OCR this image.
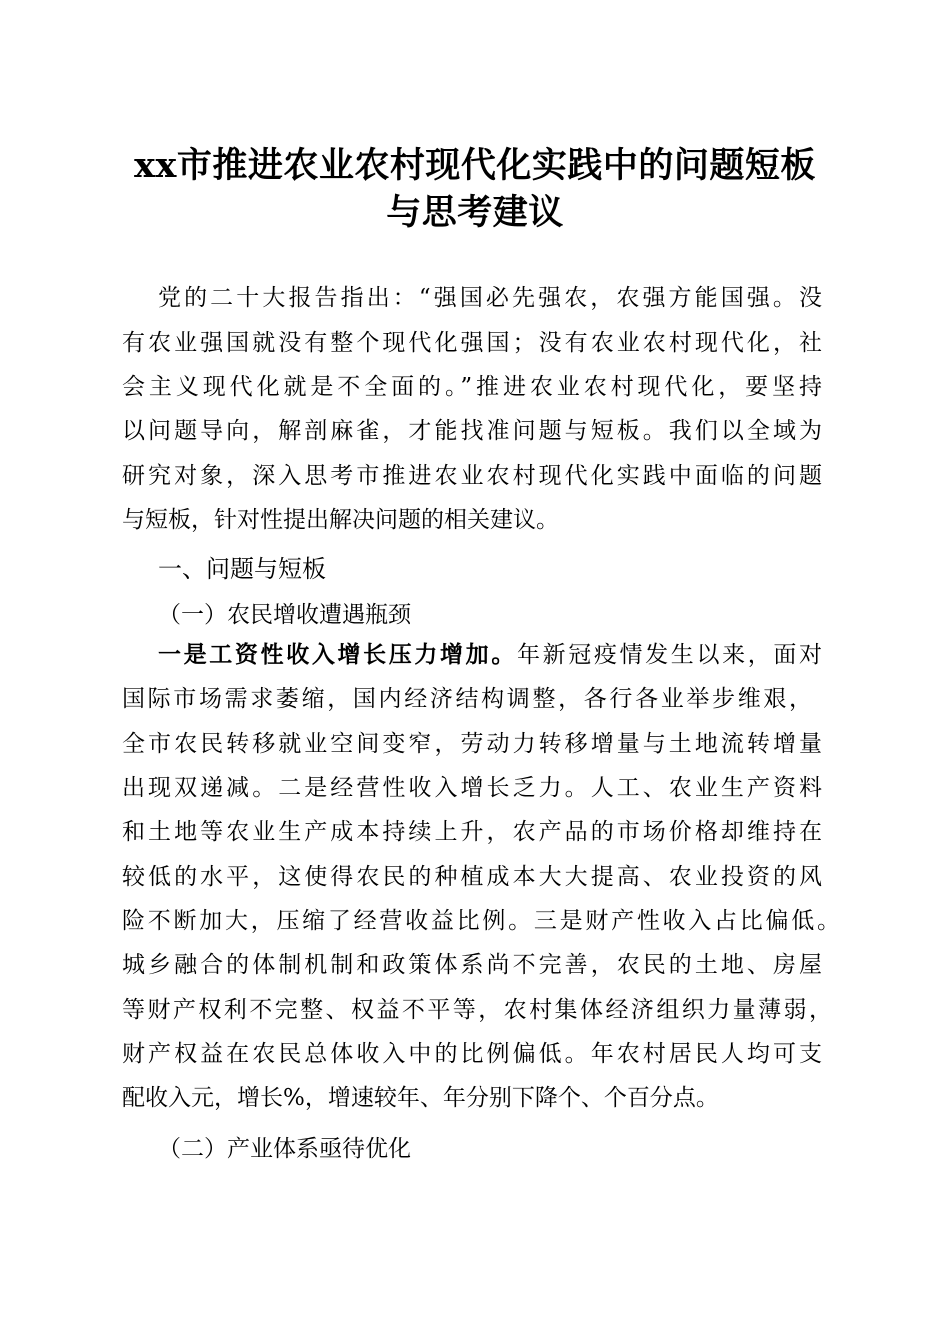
xx市推进农业农村现代化实践中的问题短板
与思考建议
党的二十大报告指出：“强国必先强农，农强方能国强。没
有农业强国就没有整个现代化强国；没有农业农村现代化，社
会主义现代化就是不全面的。”推进农业农村现代化，要坚持
以问题导向，解剖麻雀，才能找准问题与短板。我们以全域为
研究对象，深入思考市推进农业农村现代化实践中面临的问题
与短板，针对性提出解决问题的相关建议。
一、问题与短板
（一）农民增收遭遇瓶颈
一是工资性收入增长压力增加。年新冠疫情发生以来，面对
国际市场需求萎缩，国内经济结构调整，各行各业举步维艰，
全市农民转移就业空间变窄，劳动力转移增量与土地流转增量
出现双递减。二是经营性收入增长乏力。人工、农业生产资料
和土地等农业生产成本持续上升，农产品的市场价格却维持在
较低的水平，这使得农民的种植成本大大提高、农业投资的风
险不断加大，压缩了经营收益比例。三是财产性收入占比偏低。
城乡融合的体制机制和政策体系尚不完善，农民的土地、房屋
等财产权利不完整、权益不平等，农村集体经济组织力量薄弱，
财产权益在农民总体收入中的比例偏低。年农村居民人均可支
配收入元，增长%，增速较年、年分别下降个、个百分点。
（二）产业体系亟待优化
